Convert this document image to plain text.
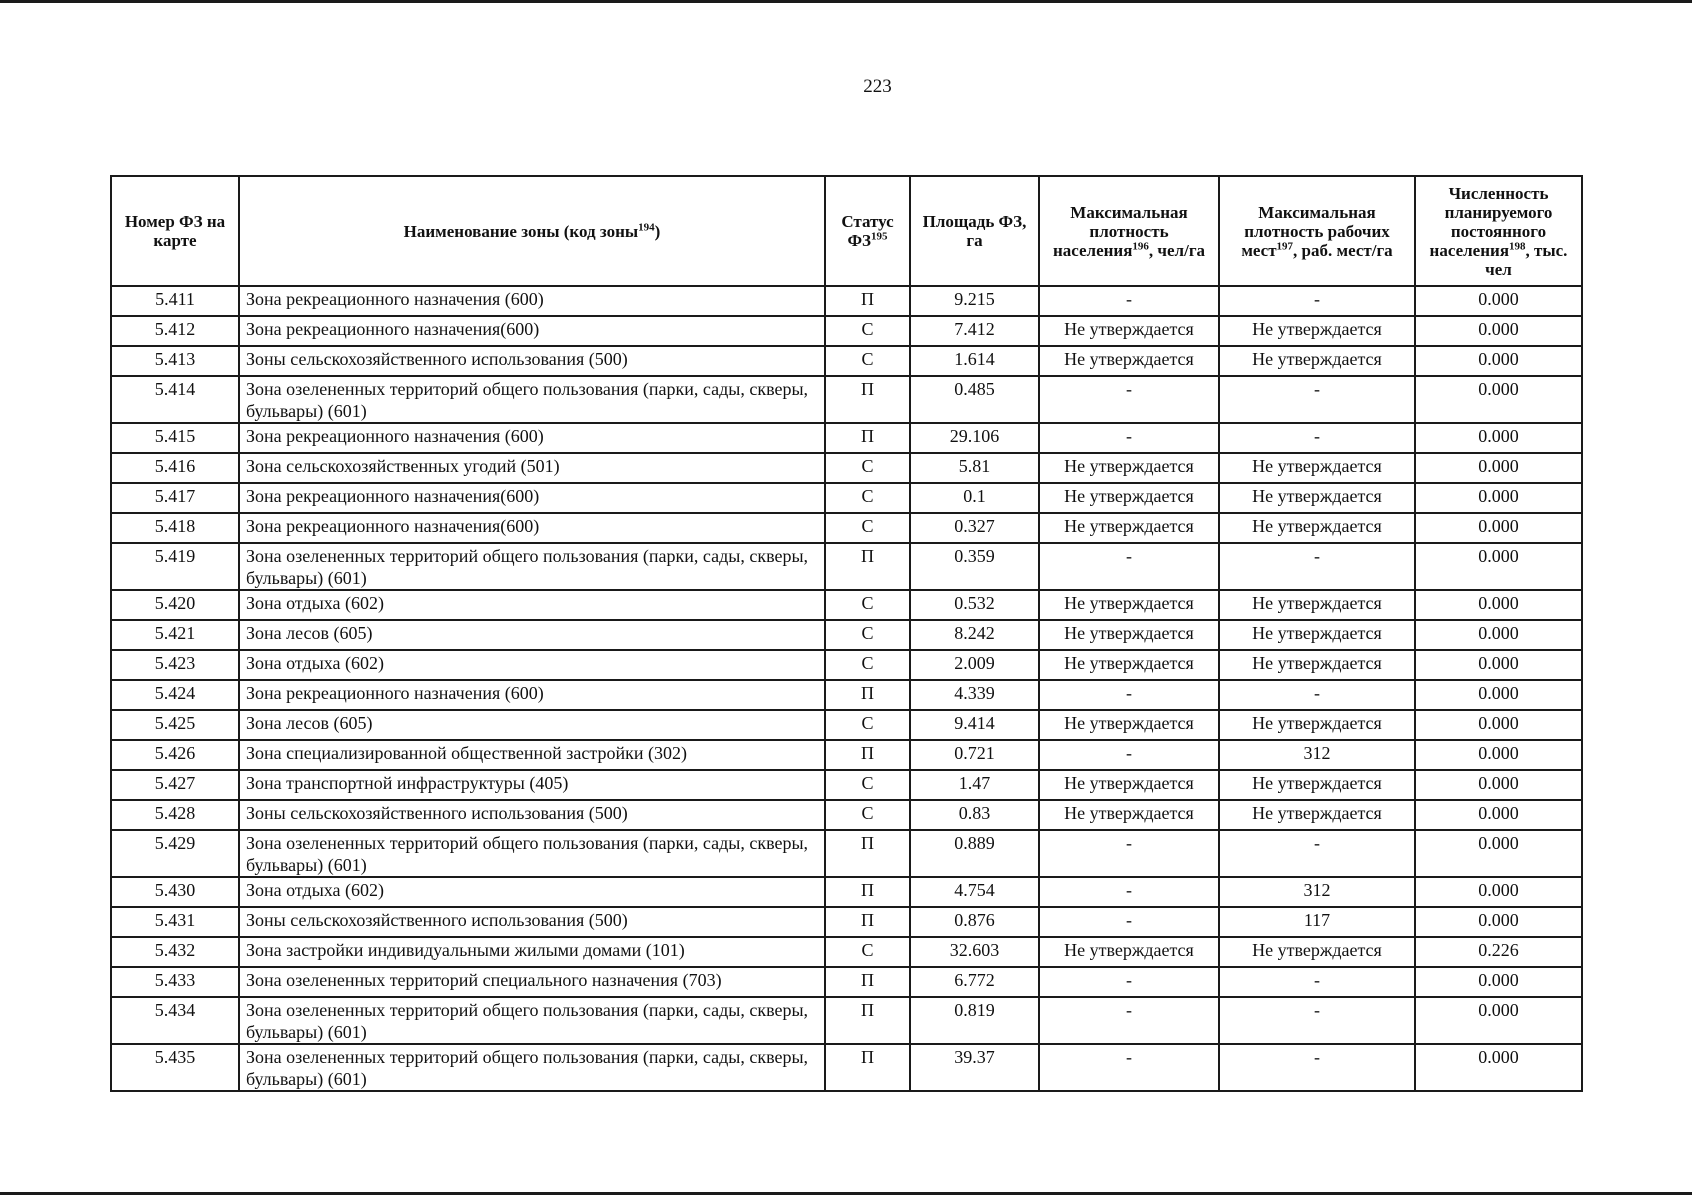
223
Номер ФЗ на карте	Наименование зоны (код зоны$^{194}$)	Статус ФЗ$^{195}$	Площадь ФЗ, га	Максимальная плотность населения$^{196}$, чел/га	Максимальная плотность рабочих мест$^{197}$, раб. мест/га	Численность планируемого постоянного населения$^{198}$, тыс. чел
5.411	Зона рекреационного назначения (600)	П	9.215	-	-	0.000
5.412	Зона рекреационного назначения(600)	С	7.412	Не утверждается	Не утверждается	0.000
5.413	Зоны сельскохозяйственного использования (500)	С	1.614	Не утверждается	Не утверждается	0.000
5.414	Зона озелененных территорий общего пользования (парки, сады, скверы, бульвары) (601)	П	0.485	-	-	0.000
5.415	Зона рекреационного назначения (600)	П	29.106	-	-	0.000
5.416	Зона сельскохозяйственных угодий (501)	С	5.81	Не утверждается	Не утверждается	0.000
5.417	Зона рекреационного назначения(600)	С	0.1	Не утверждается	Не утверждается	0.000
5.418	Зона рекреационного назначения(600)	С	0.327	Не утверждается	Не утверждается	0.000
5.419	Зона озелененных территорий общего пользования (парки, сады, скверы, бульвары) (601)	П	0.359	-	-	0.000
5.420	Зона отдыха (602)	С	0.532	Не утверждается	Не утверждается	0.000
5.421	Зона лесов (605)	С	8.242	Не утверждается	Не утверждается	0.000
5.423	Зона отдыха (602)	С	2.009	Не утверждается	Не утверждается	0.000
5.424	Зона рекреационного назначения (600)	П	4.339	-	-	0.000
5.425	Зона лесов (605)	С	9.414	Не утверждается	Не утверждается	0.000
5.426	Зона специализированной общественной застройки (302)	П	0.721	-	312	0.000
5.427	Зона транспортной инфраструктуры (405)	С	1.47	Не утверждается	Не утверждается	0.000
5.428	Зоны сельскохозяйственного использования (500)	С	0.83	Не утверждается	Не утверждается	0.000
5.429	Зона озелененных территорий общего пользования (парки, сады, скверы, бульвары) (601)	П	0.889	-	-	0.000
5.430	Зона отдыха (602)	П	4.754	-	312	0.000
5.431	Зоны сельскохозяйственного использования (500)	П	0.876	-	117	0.000
5.432	Зона застройки индивидуальными жилыми домами (101)	С	32.603	Не утверждается	Не утверждается	0.226
5.433	Зона озелененных территорий специального назначения (703)	П	6.772	-	-	0.000
5.434	Зона озелененных территорий общего пользования (парки, сады, скверы, бульвары) (601)	П	0.819	-	-	0.000
5.435	Зона озелененных территорий общего пользования (парки, сады, скверы, бульвары) (601)	П	39.37	-	-	0.000
